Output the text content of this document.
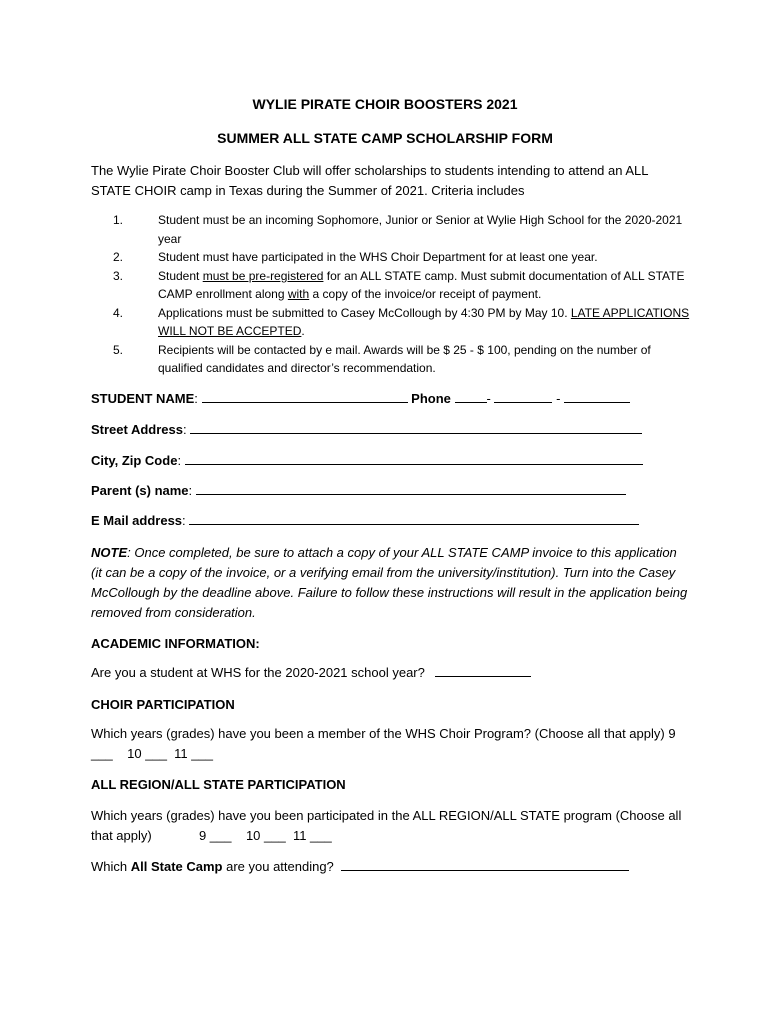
WYLIE PIRATE CHOIR BOOSTERS 2021
SUMMER ALL STATE CAMP SCHOLARSHIP FORM
The Wylie Pirate Choir Booster Club will offer scholarships to students intending to attend an ALL STATE CHOIR camp in Texas during the Summer of 2021. Criteria includes
1.	Student must be an incoming Sophomore, Junior or Senior at Wylie High School for the 2020-2021 year
2.	Student must have participated in the WHS Choir Department for at least one year.
3.	Student must be pre-registered for an ALL STATE camp. Must submit documentation of ALL STATE CAMP enrollment along with a copy of the invoice/or receipt of payment.
4.	Applications must be submitted to Casey McCollough by 4:30 PM by May 10. LATE APPLICATIONS WILL NOT BE ACCEPTED.
5.	Recipients will be contacted by e mail. Awards will be $ 25 - $ 100, pending on the number of qualified candidates and director’s recommendation.
STUDENT NAME:	Phone	-	-
Street Address:
City, Zip Code:
Parent (s) name:
E Mail address:
NOTE: Once completed, be sure to attach a copy of your ALL STATE CAMP invoice to this application (it can be a copy of the invoice, or a verifying email from the university/institution). Turn into the Casey McCollough by the deadline above. Failure to follow these instructions will result in the application being removed from consideration.
ACADEMIC INFORMATION:
Are you a student at WHS for the 2020-2021 school year?
CHOIR PARTICIPATION
Which years (grades) have you been a member of the WHS Choir Program? (Choose all that apply) 9 ___ 10 ___ 11 ___
ALL REGION/ALL STATE PARTICIPATION
Which years (grades) have you been participated in the ALL REGION/ALL STATE program (Choose all that apply)	9 ___ 10 ___ 11 ___
Which All State Camp are you attending?
